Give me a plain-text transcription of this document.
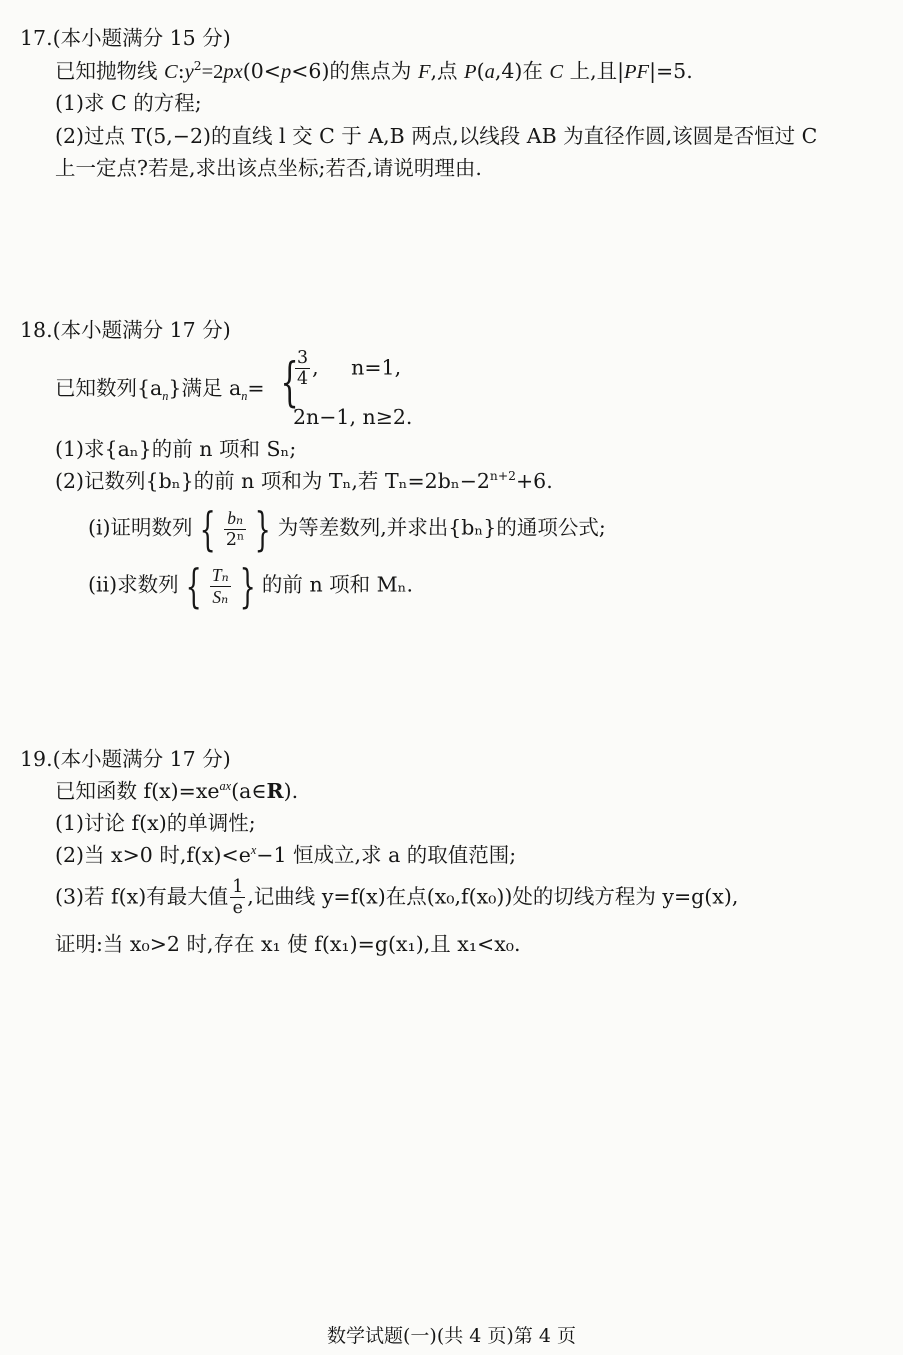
17.(本小题满分 15 分)
已知抛物线 $C:y^2=2px(0<p<6)$的焦点为 F,点 P(a,4)在 C 上,且|PF|=5.
(1)求 C 的方程;
(2)过点 T(5,−2)的直线 l 交 C 于 A,B 两点,以线段 AB 为直径作圆,该圆是否恒过 C
上一定点?若是,求出该点坐标;若否,请说明理由.
18.(本小题满分 17 分)
已知数列$\{a_n\}$满足 $a_n=$ {
$\frac{3}{4}$ ,     n=1,
2n−1, n≥2.
(1)求{aₙ}的前 n 项和 Sₙ;
(2)记数列{bₙ}的前 n 项和为 Tₙ,若 $T_n=2b_n-2^{n+2}+6$.
(ⅰ)证明数列 { $\frac{\text{bₙ}}{\text{2ⁿ}}$ } 为等差数列,并求出{bₙ}的通项公式;
(ⅱ)求数列 { $\frac{\text{Tₙ}}{\text{Sₙ}}$ } 的前 n 项和 Mₙ.
19.(本小题满分 17 分)
已知函数 $f(x)=xe^{ax}(a\in R)$.
(1)讨论 f(x)的单调性;
(2)当 x>0 时$,f(x)<e^x-1$ 恒成立,求 a 的取值范围;
(3)若 f(x)有最大值 $\frac{1}{e}$ ,记曲线 y=f(x)在点(x₀,f(x₀))处的切线方程为 y=g(x),
证明:当 x₀>2 时,存在 x₁ 使 f(x₁)=g(x₁),且 x₁<x₀.
数学试题(一)(共 4 页)第 4 页
